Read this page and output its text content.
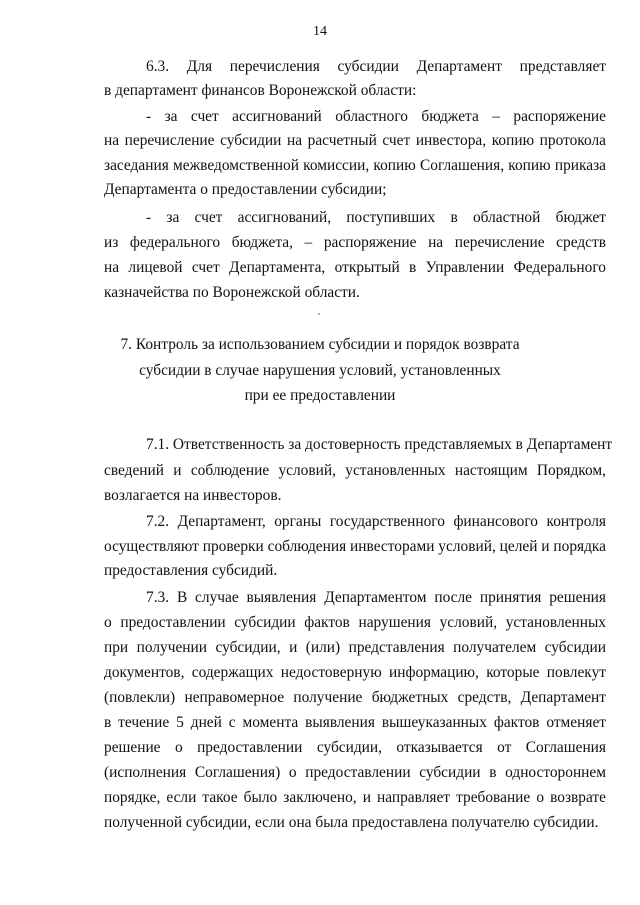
14
6.3. Для перечисления субсидии Департамент представляет
в департамент финансов Воронежской области:
- за счет ассигнований областного бюджета – распоряжение
на перечисление субсидии на расчетный счет инвестора, копию протокола
заседания межведомственной комиссии, копию Соглашения, копию приказа
Департамента о предоставлении субсидии;
- за счет ассигнований, поступивших в областной бюджет
из федерального бюджета, – распоряжение на перечисление средств
на лицевой счет Департамента, открытый в Управлении Федерального
казначейства по Воронежской области.
7. Контроль за использованием субсидии и порядок возврата
субсидии в случае нарушения условий, установленных
при ее предоставлении
7.1. Ответственность за достоверность представляемых в Департамент
сведений и соблюдение условий, установленных настоящим Порядком,
возлагается на инвесторов.
7.2. Департамент, органы государственного финансового контроля
осуществляют проверки соблюдения инвесторами условий, целей и порядка
предоставления субсидий.
7.3. В случае выявления Департаментом после принятия решения
о предоставлении субсидии фактов нарушения условий, установленных
при получении субсидии, и (или) представления получателем субсидии
документов, содержащих недостоверную информацию, которые повлекут
(повлекли) неправомерное получение бюджетных средств, Департамент
в течение 5 дней с момента выявления вышеуказанных фактов отменяет
решение о предоставлении субсидии, отказывается от Соглашения
(исполнения Соглашения) о предоставлении субсидии в одностороннем
порядке, если такое было заключено, и направляет требование о возврате
полученной субсидии, если она была предоставлена получателю субсидии.
